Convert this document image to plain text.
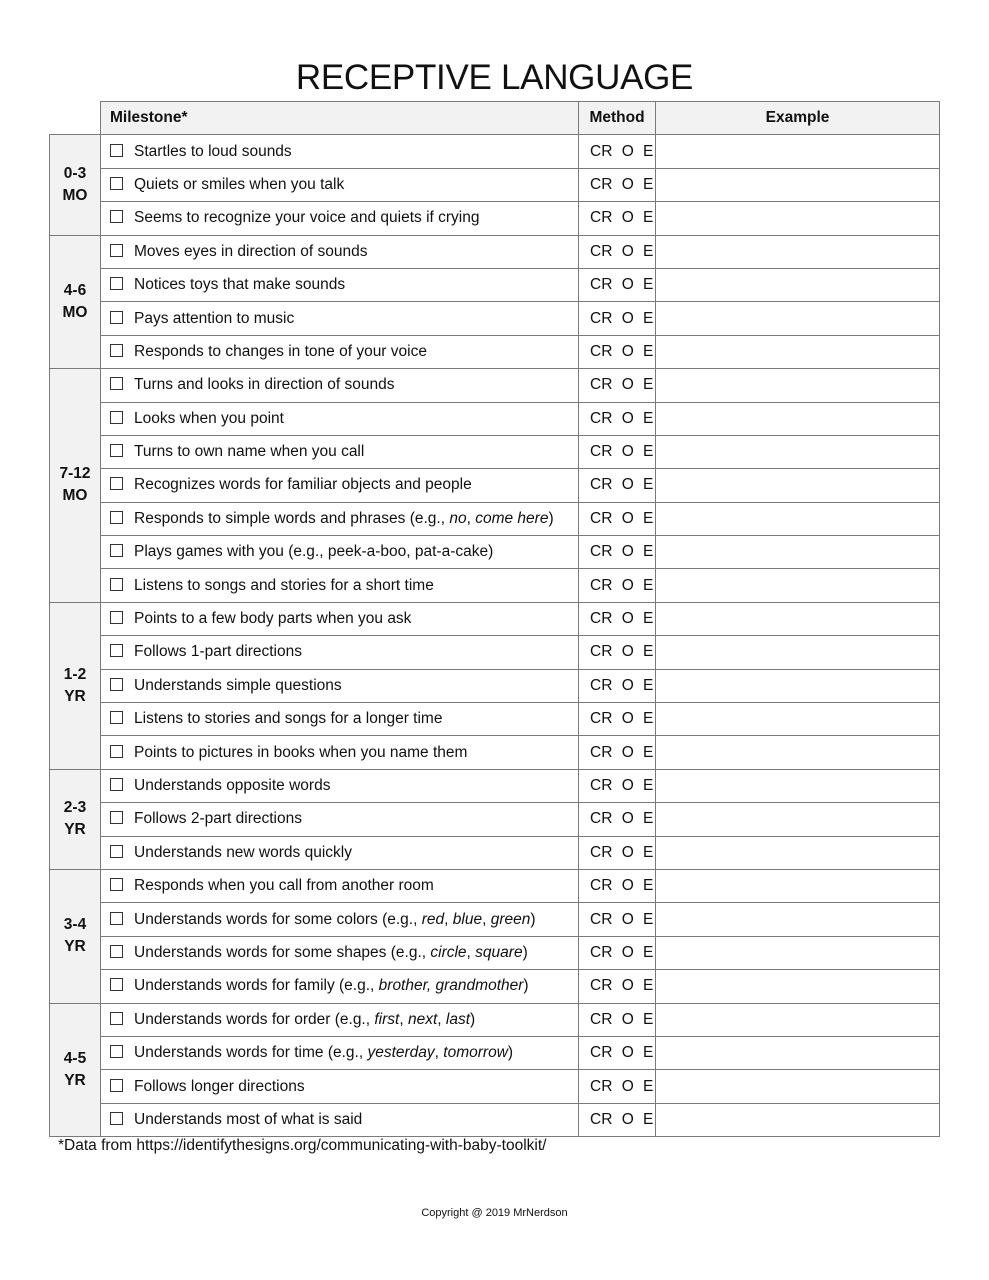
RECEPTIVE LANGUAGE
	Milestone*	Method	Example

0-3
MO	Startles to loud sounds	CR O E	
	Quiets or smiles when you talk	CR O E	
	Seems to recognize your voice and quiets if crying	CR O E	

4-6
MO	Moves eyes in direction of sounds	CR O E	
	Notices toys that make sounds	CR O E	
	Pays attention to music	CR O E	
	Responds to changes in tone of your voice	CR O E	

7-12
MO	Turns and looks in direction of sounds	CR O E	
	Looks when you point	CR O E	
	Turns to own name when you call	CR O E	
	Recognizes words for familiar objects and people	CR O E	
	Responds to simple words and phrases (e.g., no, come here)	CR O E	
	Plays games with you (e.g., peek-a-boo, pat-a-cake)	CR O E	
	Listens to songs and stories for a short time	CR O E	

1-2
YR	Points to a few body parts when you ask	CR O E	
	Follows 1-part directions	CR O E	
	Understands simple questions	CR O E	
	Listens to stories and songs for a longer time	CR O E	
	Points to pictures in books when you name them	CR O E	

2-3
YR	Understands opposite words	CR O E	
	Follows 2-part directions	CR O E	
	Understands new words quickly	CR O E	

3-4
YR	Responds when you call from another room	CR O E	
	Understands words for some colors (e.g., red, blue, green)	CR O E	
	Understands words for some shapes (e.g., circle, square)	CR O E	
	Understands words for family (e.g., brother, grandmother)	CR O E	

4-5
YR	Understands words for order (e.g., first, next, last)	CR O E	
	Understands words for time (e.g., yesterday, tomorrow)	CR O E	
	Follows longer directions	CR O E	
	Understands most of what is said	CR O E	
*Data from https://identifythesigns.org/communicating-with-baby-toolkit/
Copyright @ 2019 MrNerdson
